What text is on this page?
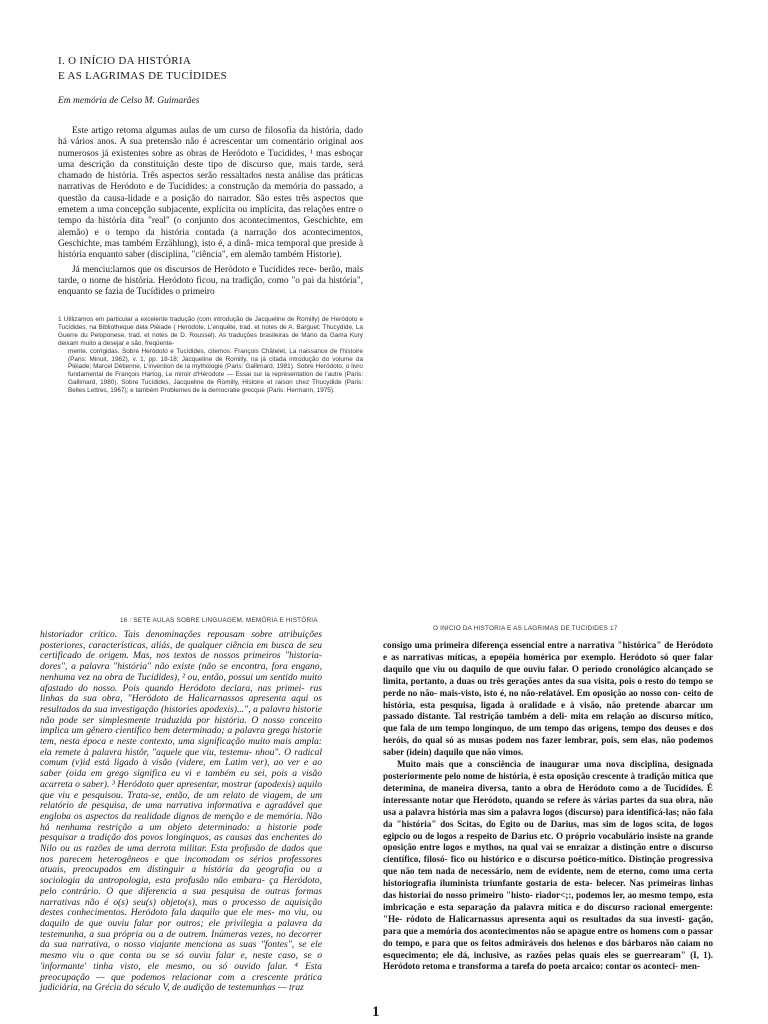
I. O INÍCIO DA HISTÓRIA
E AS LAGRIMAS DE TUCÍDIDES
Em memória de Celso M. Guimarães

Este artigo retoma algumas aulas de um curso de filosofia da história, dado há vários anos. A sua pretensão não é acrescentar um comentário original aos numerosos já existentes sobre as obras de Heródoto e Tucídides, ¹ mas esboçar uma descrição da constituição deste tipo de discurso que, mais tarde, será chamado de história. Três aspectos serão ressaltados nesta análise das práticas narrativas de Heródoto e de Tucídides: a construção da memória do passado, a questão da causa-lidade e a posição do narrador. São estes três aspectos que emetem a uma concepção subjacente, explícita ou implícita, das relações entre o tempo da história dita "real" (o conjunto dos acontecimentos, Geschichte, em alemão) e o tempo da história contada (a narração dos acontecimentos, Geschichte, mas também Erzählung), isto é, a dinâ- mica temporal que preside à história enquanto saber (disciplina, "ciência", em alemão também Historie).

Já menciu:lamos que os discursos de Heródoto e Tucídides rece- berão, mais tarde, o nome de história. Heródoto ficou, na tradição, como "o pai da história", enquanto se fazia de Tucídides o primeiro

1 Utilizamos em particular a excelente tradução (com introdução de Jacqueline de Romilly) de Heródoto e Tucídides, na Bibliotheque dela Pléiade ( Heródote, L'enquête, trad. et notes de A. Barguet; Thucydide, La Guerre du Peloponese, trad. et notes de D. Roussel). As traduções brasileiras de Mário da Gama Kury deixam muito a desejar e são, freqüente-

mente, corrigidas. Sobre Heródoto e Tucídides, citemos: François Châtelet, La naissance de l'histoire (Paris: Minuit, 1962), v. 1, pp. 18-18; Jacqueline de Romilly, na já citada introdução do volume da Pléiade; Marcel Détienne, L'invention de la mythologie (Paris: Gallimard, 1981). Sobre Heródoto, o livro fundamental de François Hartog, Le miroir d'Hérodote — Essai sur la représentation de l'autre (Paris: Gallimard, 1980). Sobre Tucídides, Jacqueline de Romilly, Histoire et raison chez Thucydide (Paris: Belles Lettres, 1967); e também Problemes de la democratie grecque (Paris: Hermann, 1975).

16 : SETE AULAS SOBRE LINGUAGEM, MEMÓRIA E HISTÓRIA
O INICIO DA HISTORIA E AS LAGRIMAS DE TUCIDIDES 17

historiador crítico. Tais denominações repousam sobre atribuições posteriores, características, aliás, de qualquer ciência em busca de seu certificado de origem. Mas, nos textos de nossos primeiros "historia- dores", a palavra "história" não existe (não se encontra, fora engano, nenhuma vez na obra de Tucídides), ² ou, então, possui um sentido muito afastado do nosso. Pois quando Heródoto declara, nas primei- ras linhas da sua obra, "Heródoto de Halicarnassos apresenta aqui os resultados da sua investigação (histories apodexis)...", a palavra historie não pode ser simplesmente traduzida por história. O nosso conceito implica um gênero científico bem determinado; a palavra grega historie tem, nesta época e neste contexto, uma significação muito mais ampla: ela remete à palavra histôr, "aquele que viu, testemu- nhou". O radical comum (v)id está ligado à visão (videre, em Latim ver), ao ver e ao saber (oida em grego significa eu vi e também eu sei, pois a visão acarreta o saber). ³ Heródoto quer apresentar, mostrar (apodexis) aquilo que viu e pesquisou. Trata-se, então, de um relato de viagem, de um relatório de pesquisa, de uma narrativa informativa e agradável que engloba os aspectos da realidade dignos de menção e de memória. Não há nenhuma restrição a um objeto determinado: a historie pode pesquisar a tradição dos povos longínquos, as causas das enchentes do Nilo ou as razões de uma derrota militar. Esta profusão de dados que nos parecem heterogêneos e que incomodam os sérios professores atuais, preocupados em distinguir a história da geografia ou a sociologia da antropologia, esta profusão não embara- ça Heródoto, pelo contrário. O que diferencia a sua pesquisa de outras formas narrativas não é o(s) seu(s) objeto(s), mas o processo de aquisição destes conhecimentos. Heródoto fala daquilo que ele mes- mo viu, ou daquilo de que ouviu falar por outros; ele privilegia a palavra da testemunha, a sua própria ou a de outrem. Inúmeras vezes, no decorrer da sua narrativa, o nosso viajante menciona as suas "fontes", se ele mesmo viu o que conta ou se só ouviu falar e, neste caso, se o 'informante' tinha visto, ele mesmo, ou só ouvido falar. ⁴ Esta preocupação — que podemos relacionar com a crescente prática judiciária, na Grécia do século V, de audição de testemunhas — traz

consigo uma primeira diferença essencial entre a narrativa "histórica" de Heródoto e as narrativas míticas, a epopéia homérica por exemplo. Heródoto só quer falar daquilo que viu ou daquilo de que ouviu falar. O período cronológico alcançado se limita, portanto, a duas ou três gerações antes da sua visita, pois o resto do tempo se perde no não- mais-visto, isto é, no não-relatável. Em oposição ao nosso con- ceito de história, esta pesquisa, ligada à oralidade e à visão, não pretende abarcar um passado distante. Tal restrição também a deli- mita em relação ao discurso mítico, que fala de um tempo longínquo, de um tempo das origens, tempo dos deuses e dos heróis, do qual só as musas podem nos fazer lembrar, pois, sem elas, não podemos saber (idein) daquilo que não vimos.

Muito mais que a consciência de inaugurar uma nova disciplina, designada posteriormente pelo nome de história, é esta oposição crescente à tradição mítica que determina, de maneira diversa, tanto a obra de Heródoto como a de Tucídides. É interessante notar que Heródoto, quando se refere às várias partes da sua obra, não usa a palavra história mas sim a palavra logos (discurso) para identificá-las; não fala da "história" dos Scitas, do Egito ou de Darius, mas sim de logos scita, de logos egipcio ou de logos a respeito de Darius etc. O próprio vocabulário insiste na grande oposição entre logos e mythos, na qual vai se enraizar a distinção entre o discurso científico, filosó- fico ou histórico e o discurso poético-mítico. Distinção progressiva que não tem nada de necessário, nem de evidente, nem de eterno, como uma certa historiografia iluminista triunfante gostaria de esta- belecer. Nas primeiras linhas das historiai do nosso primeiro "histo- riador<;:, podemos ler, ao mesmo tempo, esta imbricação e esta separação da palavra mítica e do discurso racional emergente: "He- ródoto de Halicarnassus apresenta aqui os resultados da sua investi- gação, para que a memória dos acontecimentos não se apague entre os homens com o passar do tempo, e para que os feitos admiráveis dos helenos e dos bárbaros não caiam no esquecimento; ele dá, inclusive, as razões pelas quais eles se guerrearam" (I, 1). Heródoto retoma e transforma a tarefa do poeta arcaico: contar os aconteci- men-

1
